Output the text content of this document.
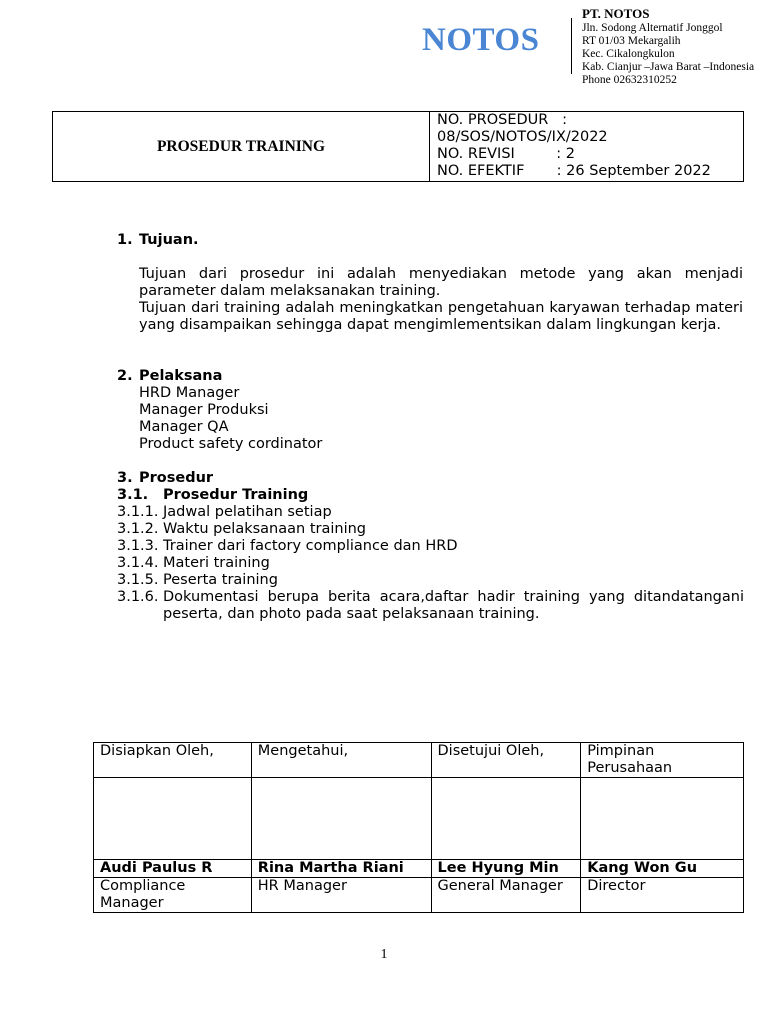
NOTOS
PT. NOTOS
Jln. Sodong Alternatif Jonggol
RT 01/03 Mekargalih
Kec. Cikalongkulon
Kab. Cianjur –Jawa Barat –Indonesia
Phone 02632310252
PROSEDUR TRAINING
NO. PROSEDUR   :
08/SOS/NOTOS/IX/2022
NO. REVISI         : 2
NO. EFEKTIF       : 26 September 2022
1. Tujuan.
Tujuan dari prosedur ini adalah menyediakan metode yang akan menjadi parameter dalam melaksanakan training.
Tujuan dari training adalah meningkatkan pengetahuan karyawan terhadap materi yang disampaikan sehingga dapat mengimlementsikan dalam lingkungan kerja.
2. Pelaksana
HRD Manager
Manager Produksi
Manager QA
Product safety cordinator
3. Prosedur
3.1. Prosedur Training
3.1.1. Jadwal pelatihan setiap
3.1.2. Waktu pelaksanaan training
3.1.3. Trainer dari factory compliance dan HRD
3.1.4. Materi training
3.1.5. Peserta training
3.1.6. Dokumentasi berupa berita acara,daftar hadir training yang ditandatangani peserta, dan photo pada saat pelaksanaan training.
Disiapkan Oleh,	Mengetahui,	Disetujui Oleh,	Pimpinan Perusahaan

Audi Paulus R	Rina Martha Riani	Lee Hyung Min	Kang Won Gu
Compliance Manager	HR Manager	General Manager	Director
1
